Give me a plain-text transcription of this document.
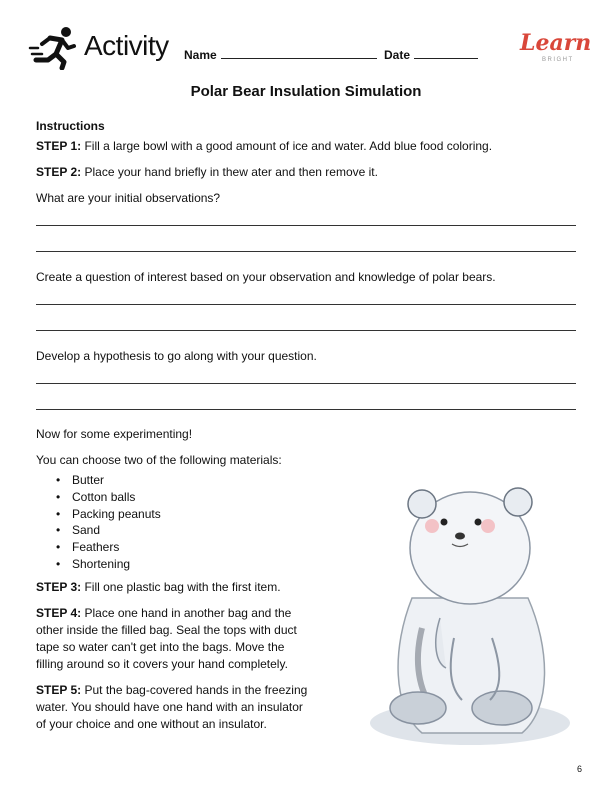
Activity Name	Date	Learn
BRIGHT
Polar Bear Insulation Simulation
Instructions
STEP 1: Fill a large bowl with a good amount of ice and water. Add blue food coloring.
STEP 2: Place your hand briefly in thew ater and then remove it.
What are your initial observations?
Create a question of interest based on your observation and knowledge of polar bears.
Develop a hypothesis to go along with your question.
Now for some experimenting!
You can choose two of the following materials:
• Butter
• Cotton balls
• Packing peanuts
• Sand
• Feathers
• Shortening
STEP 3: Fill one plastic bag with the first item.
STEP 4: Place one hand in another bag and the other inside the filled bag. Seal the tops with duct tape so water can't get into the bags. Move the filling around so it covers your hand completely.
STEP 5: Put the bag-covered hands in the freezing water. You should have one hand with an insulator of your choice and one without an insulator.
6
